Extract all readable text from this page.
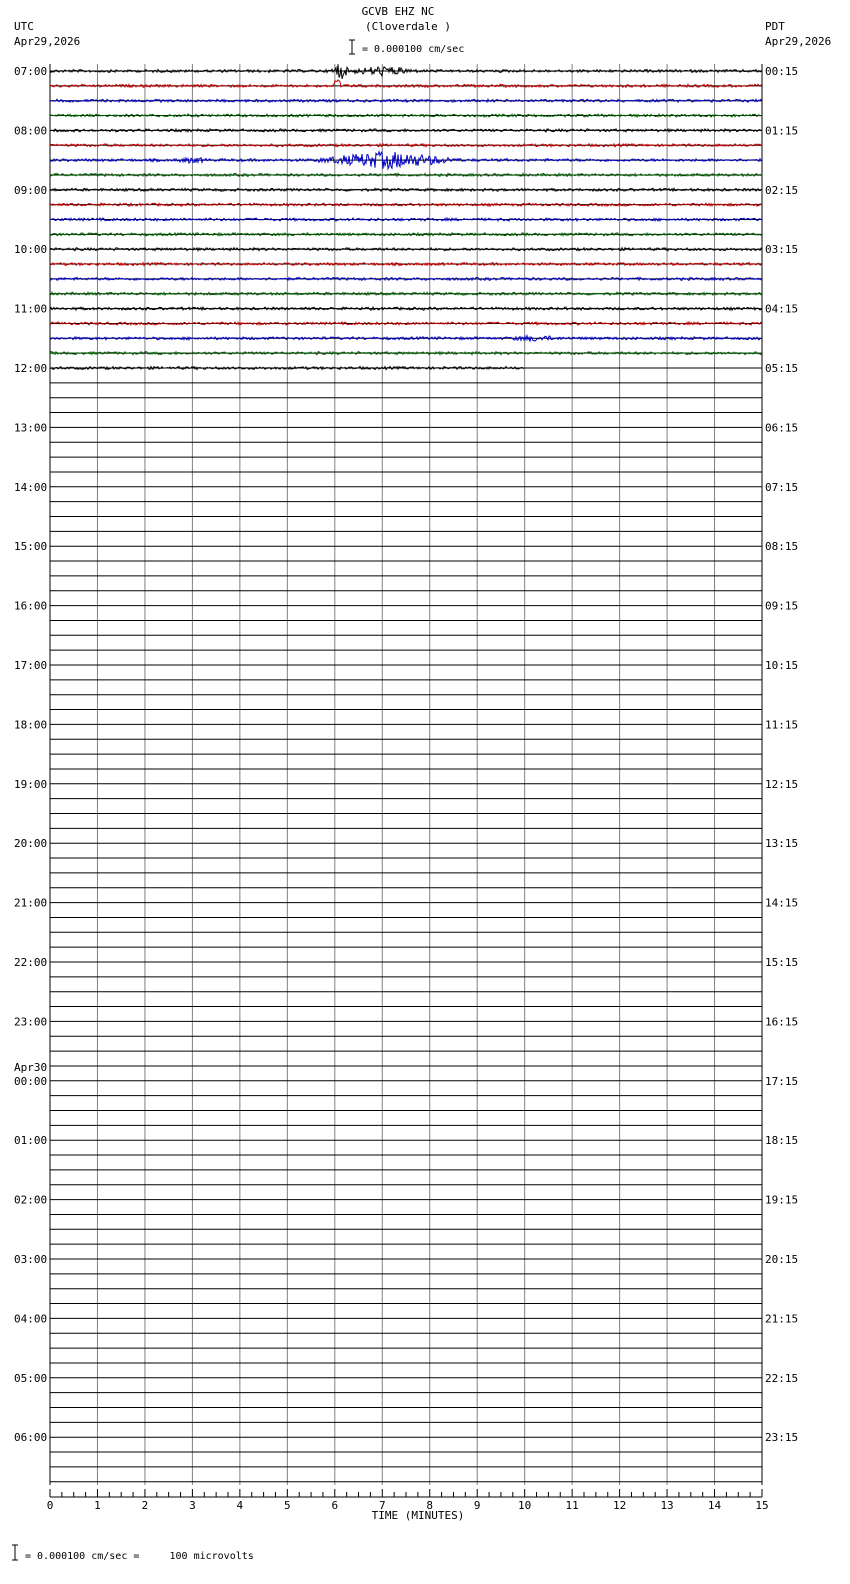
GCVB EHZ NC
(Cloverdale )
= 0.000100 cm/sec
UTC
Apr29,2026
PDT
Apr29,2026
07:00
08:00
09:00
10:00
11:00
12:00
13:00
14:00
15:00
16:00
17:00
18:00
19:00
20:00
21:00
22:00
23:00
00:00
Apr30
01:00
02:00
03:00
04:00
05:00
06:00
00:15
01:15
02:15
03:15
04:15
05:15
06:15
07:15
08:15
09:15
10:15
11:15
12:15
13:15
14:15
15:15
16:15
17:15
18:15
19:15
20:15
21:15
22:15
23:15
0	1	2	3	4	5	6	7	8	9	10	11	12	13	14	15
TIME (MINUTES)
= 0.000100 cm/sec =     100 microvolts
